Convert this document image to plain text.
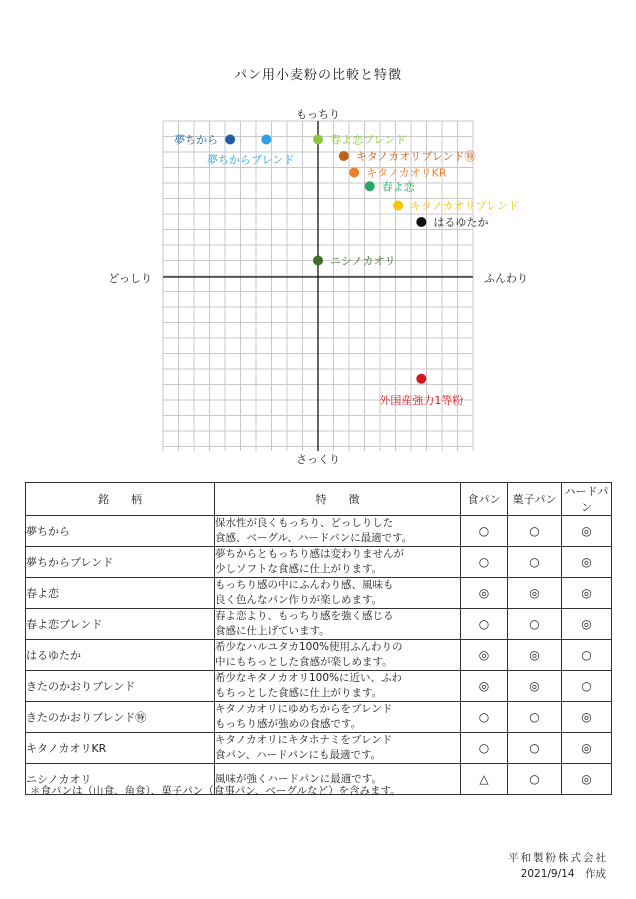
パン用小麦粉の比較と特徴
もっちり
さっくり
どっしり	ふんわり
夢ちから
夢ちからブレンド
春よ恋ブレンド
キタノカオリブレンド㊕
キタノカオリKR
春よ恋
キタノカオリブレンド
はるゆたか
ニシノカオリ
外国産強力1等粉
銘　　柄	特　　徴	食パン	菓子パン	ハードパン
夢ちから	保水性が良くもっちり、どっしりした
食感、ベーグル、ハードパンに最適です。	○	○	◎
夢ちからブレンド	夢ちからともっちり感は変わりませんが
少しソフトな食感に仕上がります。	○	○	◎
春よ恋	もっちり感の中にふんわり感、風味も
良く色んなパン作りが楽しめます。	◎	◎	◎
春よ恋ブレンド	春よ恋より、もっちり感を強く感じる
食感に仕上げています。	○	○	◎
はるゆたか	希少なハルユタカ100%使用ふんわりの
中にもちっとした食感が楽しめます。	◎	◎	○
きたのかおりブレンド	希少なキタノカオリ100%に近い、ふわ
もちっとした食感に仕上がります。	◎	◎	○
きたのかおりブレンド㊕	キタノカオリにゆめちからをブレンド
もっちり感が強めの食感です。	○	○	◎
キタノカオリKR	キタノカオリにキタホナミをブレンド
食パン、ハードパンにも最適です。	○	○	◎
ニシノカオリ	風味が強くハードパンに最適です。	△	○	◎
＊食パンは（山食、角食）、菓子パン（食事パン、ベーグルなど）を含みます。
平和製粉株式会社
2021/9/14　作成
